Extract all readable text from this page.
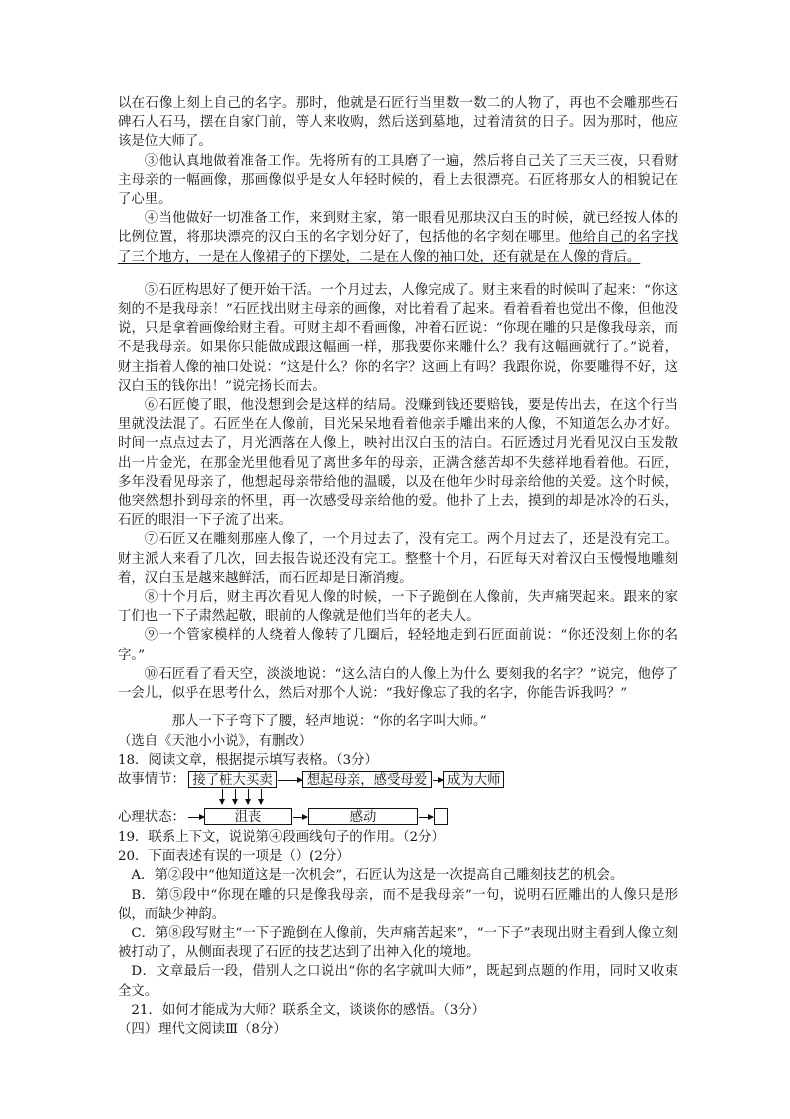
以在石像上刻上自己的名字。那时，他就是石匠行当里数一数二的人物了，再也不会雕那些石碑石人石马，摆在自家门前，等人来收购，然后送到墓地，过着清贫的日子。因为那时，他应该是位大师了。

③他认真地做着准备工作。先将所有的工具磨了一遍，然后将自己关了三天三夜，只看财主母亲的一幅画像，那画像似乎是女人年轻时候的，看上去很漂亮。石匠将那女人的相貌记在了心里。

④当他做好一切准备工作，来到财主家，第一眼看见那块汉白玉的时候，就已经按人体的比例位置，将那块漂亮的汉白玉的名字划分好了，包括他的名字刻在哪里。他给自己的名字找了三个地方，一是在人像裙子的下摆处，二是在人像的袖口处，还有就是在人像的背后。

⑤石匠构思好了便开始干活。一个月过去，人像完成了。财主来看的时候叫了起来：“你这刻的不是我母亲！”石匠找出财主母亲的画像，对比着看了起来。看着看着也觉出不像，但他没说，只是拿着画像给财主看。可财主却不看画像，冲着石匠说：“你现在雕的只是像我母亲，而不是我母亲。如果你只能做成跟这幅画一样，那我要你来雕什么？我有这幅画就行了。”说着，财主指着人像的袖口处说：“这是什么？你的名字？这画上有吗？我跟你说，你要雕得不好，这汉白玉的钱你出！”说完扬长而去。

⑥石匠傻了眼，他没想到会是这样的结局。没赚到钱还要赔钱，要是传出去，在这个行当里就没法混了。石匠坐在人像前，目光呆呆地看着他亲手雕出来的人像，不知道怎么办才好。时间一点点过去了，月光洒落在人像上，映衬出汉白玉的洁白。石匠透过月光看见汉白玉发散出一片金光，在那金光里他看见了离世多年的母亲，正满含慈苦却不失慈祥地看着他。石匠，多年没看见母亲了，他想起母亲带给他的温暖，以及在他年少时母亲给他的关爱。这个时候，他突然想扑到母亲的怀里，再一次感受母亲给他的爱。他扑了上去，摸到的却是冰冷的石头，石匠的眼泪一下子流了出来。

⑦石匠又在雕刻那座人像了，一个月过去了，没有完工。两个月过去了，还是没有完工。财主派人来看了几次，回去报告说还没有完工。整整十个月，石匠每天对着汉白玉慢慢地雕刻着，汉白玉是越来越鲜活，而石匠却是日渐消瘦。

⑧十个月后，财主再次看见人像的时候，一下子跪倒在人像前，失声痛哭起来。跟来的家丁们也一下子肃然起敬，眼前的人像就是他们当年的老夫人。

⑨一个管家模样的人绕着人像转了几圈后，轻轻地走到石匠面前说：“你还没刻上你的名字。”

⑩石匠看了看天空，淡淡地说：“这么洁白的人像上为什么 要刻我的名字？”说完，他停了一会儿，似乎在思考什么，然后对那个人说：“我好像忘了我的名字，你能告诉我吗？”

那人一下子弯下了腰，轻声地说：“你的名字叫大师。”

（选自《天池小小说》，有删改）

18．阅读文章，根据提示填写表格。（3分）

故事情节： 接了桩大买卖	想起母亲，感受母爱	成为大师
心理状态：	沮丧	感动

19．联系上下文，说说第④段画线句子的作用。（2分）

20．下面表述有误的一项是（）(2分）

A．第②段中“他知道这是一次机会”，石匠认为这是一次提高自己雕刻技艺的机会。

B．第⑤段中“你现在雕的只是像我母亲，而不是我母亲”一句，说明石匠雕出的人像只是形似，而缺少神韵。

C．第⑧段写财主“一下子跪倒在人像前，失声痛苦起来”，“一下子”表现出财主看到人像立刻被打动了，从侧面表现了石匠的技艺达到了出神入化的境地。

D．文章最后一段，借别人之口说出“你的名字就叫大师”，既起到点题的作用，同时又收束全文。

21．如何才能成为大师？联系全文，谈谈你的感悟。（3分）

（四）理代文阅读Ⅲ（8分）
